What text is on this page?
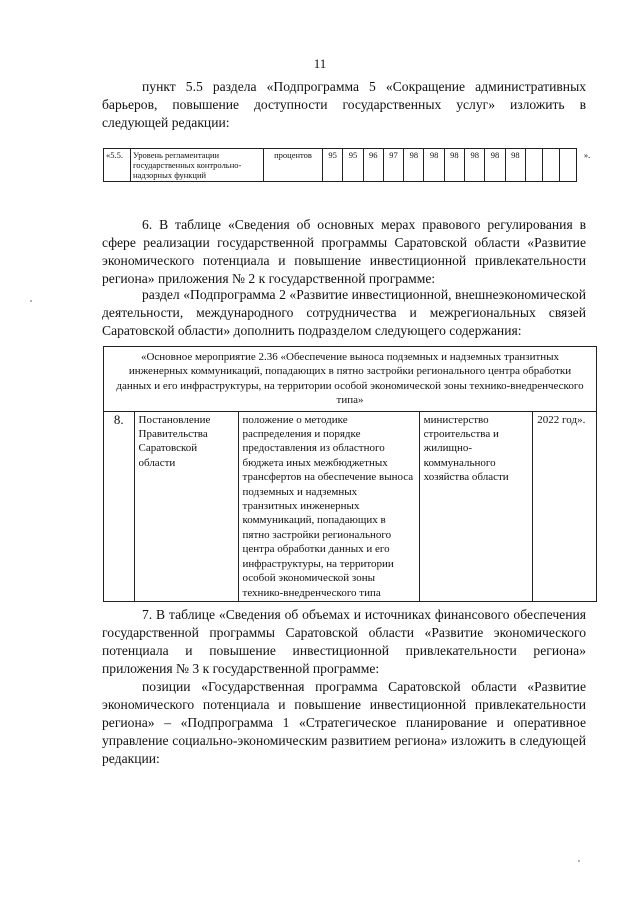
11

пункт 5.5 раздела «Подпрограмма 5 «Сокращение административных барьеров, повышение доступности государственных услуг» изложить в следующей редакции:

«5.5.	Уровень регламентации государственных контрольно-надзорных функций	процентов	95	95	96	97	98	98	98	98	98	98				».

6. В таблице «Сведения об основных мерах правового регулирования в сфере реализации государственной программы Саратовской области «Развитие экономического потенциала и повышение инвестиционной привлекательности региона» приложения № 2 к государственной программе:

раздел «Подпрограмма 2 «Развитие инвестиционной, внешнеэкономической деятельности, международного сотрудничества и межрегиональных связей Саратовской области» дополнить подразделом следующего содержания:

«Основное мероприятие 2.36 «Обеспечение выноса подземных и надземных транзитных инженерных коммуникаций, попадающих в пятно застройки регионального центра обработки данных и его инфраструктуры, на территории особой экономической зоны технико-внедренческого типа»
8.	Постановление Правительства Саратовской области	положение о методике распределения и порядке предоставления из областного бюджета иных межбюджетных трансфертов на обеспечение выноса подземных и надземных транзитных инженерных коммуникаций, попадающих в пятно застройки регионального центра обработки данных и его инфраструктуры, на территории особой экономической зоны технико-внедренческого типа	министерство строительства и жилищно-коммунального хозяйства области	2022 год».

7. В таблице «Сведения об объемах и источниках финансового обеспечения государственной программы Саратовской области «Развитие экономического потенциала и повышение инвестиционной привлекательности региона» приложения № 3 к государственной программе:

позиции «Государственная программа Саратовской области «Развитие экономического потенциала и повышение инвестиционной привлекательности региона» – «Подпрограмма 1 «Стратегическое планирование и оперативное управление социально-экономическим развитием региона» изложить в следующей редакции:
